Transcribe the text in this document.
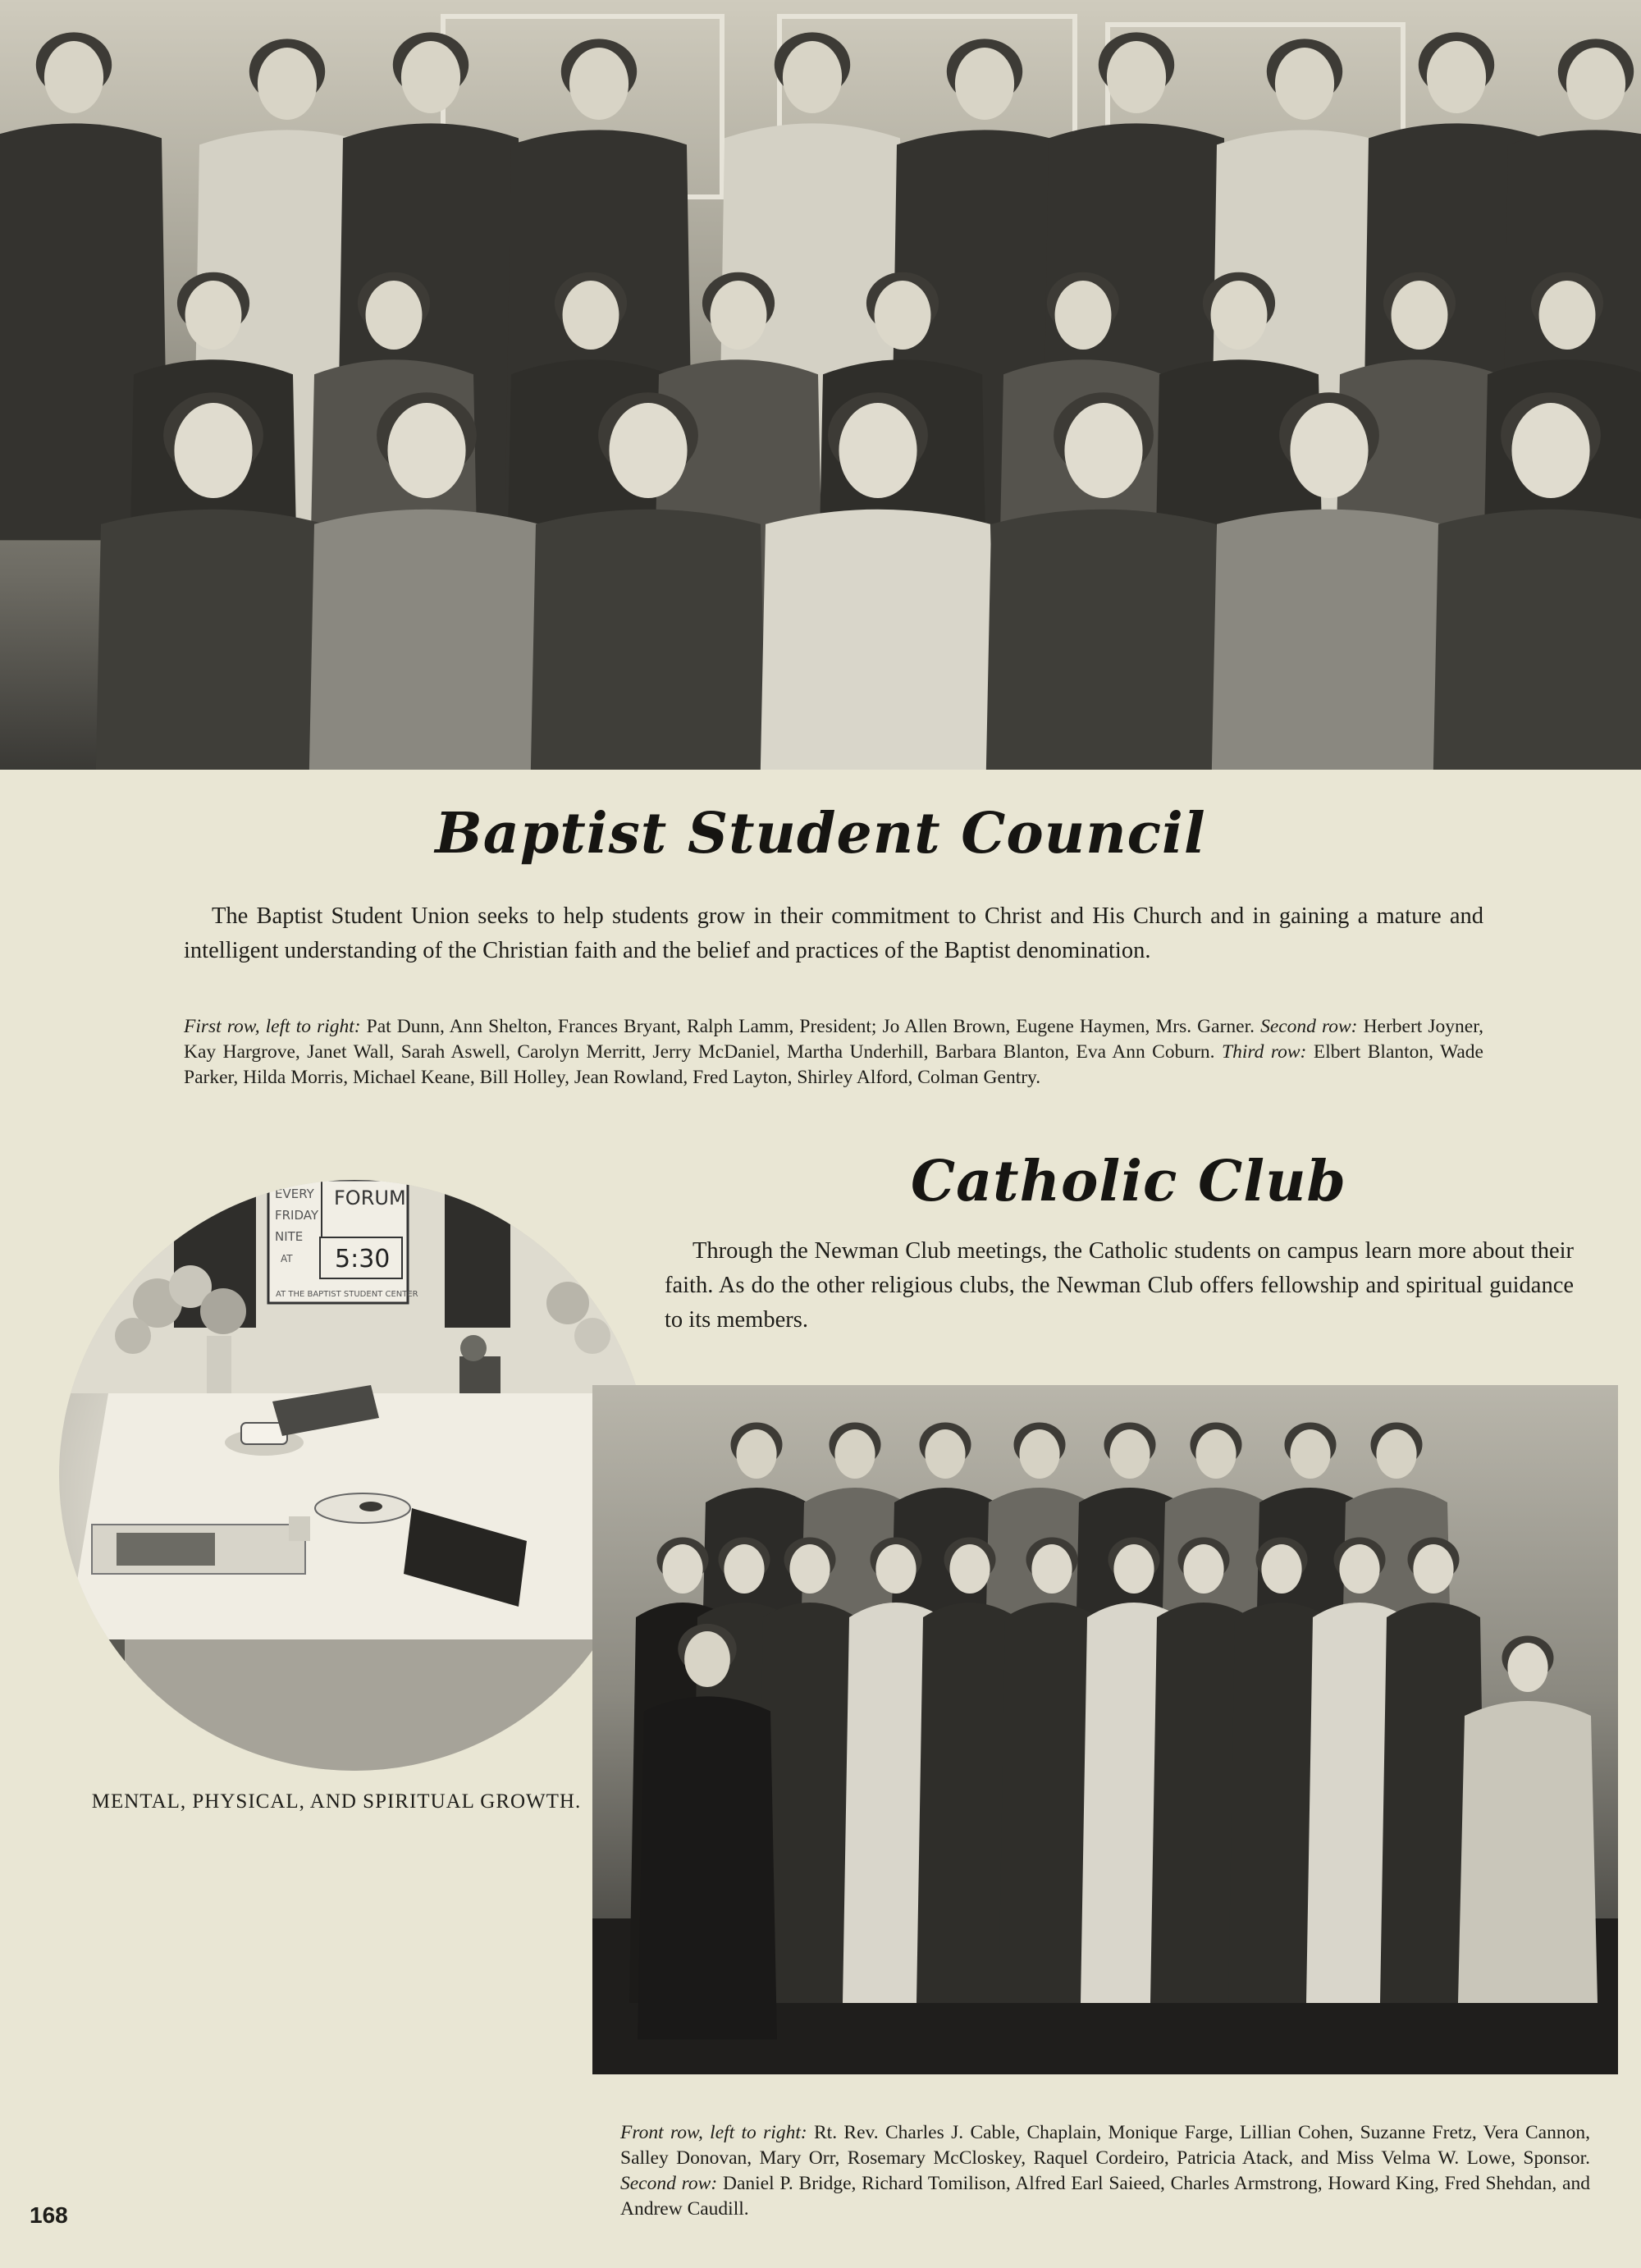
Baptist Student Council

The Baptist Student Union seeks to help students grow in their commitment to Christ and His Church and in gaining a mature and intelligent understanding of the Christian faith and the belief and practices of the Baptist denomination.

First row, left to right: Pat Dunn, Ann Shelton, Frances Bryant, Ralph Lamm, President; Jo Allen Brown, Eugene Haymen, Mrs. Garner. Second row: Herbert Joyner, Kay Hargrove, Janet Wall, Sarah Aswell, Carolyn Merritt, Jerry McDaniel, Martha Underhill, Barbara Blanton, Eva Ann Coburn. Third row: Elbert Blanton, Wade Parker, Hilda Morris, Michael Keane, Bill Holley, Jean Rowland, Fred Layton, Shirley Alford, Colman Gentry.

EVERY
FRIDAY
NITE
AT
FORUM
5:30
AT THE BAPTIST STUDENT CENTER

MENTAL, PHYSICAL, AND SPIRITUAL GROWTH.

Catholic Club

Through the Newman Club meetings, the Catholic students on campus learn more about their faith. As do the other religious clubs, the Newman Club offers fellowship and spiritual guidance to its members.

Front row, left to right: Rt. Rev. Charles J. Cable, Chaplain, Monique Farge, Lillian Cohen, Suzanne Fretz, Vera Cannon, Salley Donovan, Mary Orr, Rosemary McCloskey, Raquel Cordeiro, Patricia Atack, and Miss Velma W. Lowe, Sponsor. Second row: Daniel P. Bridge, Richard Tomilison, Alfred Earl Saieed, Charles Armstrong, Howard King, Fred Shehdan, and Andrew Caudill.

168
